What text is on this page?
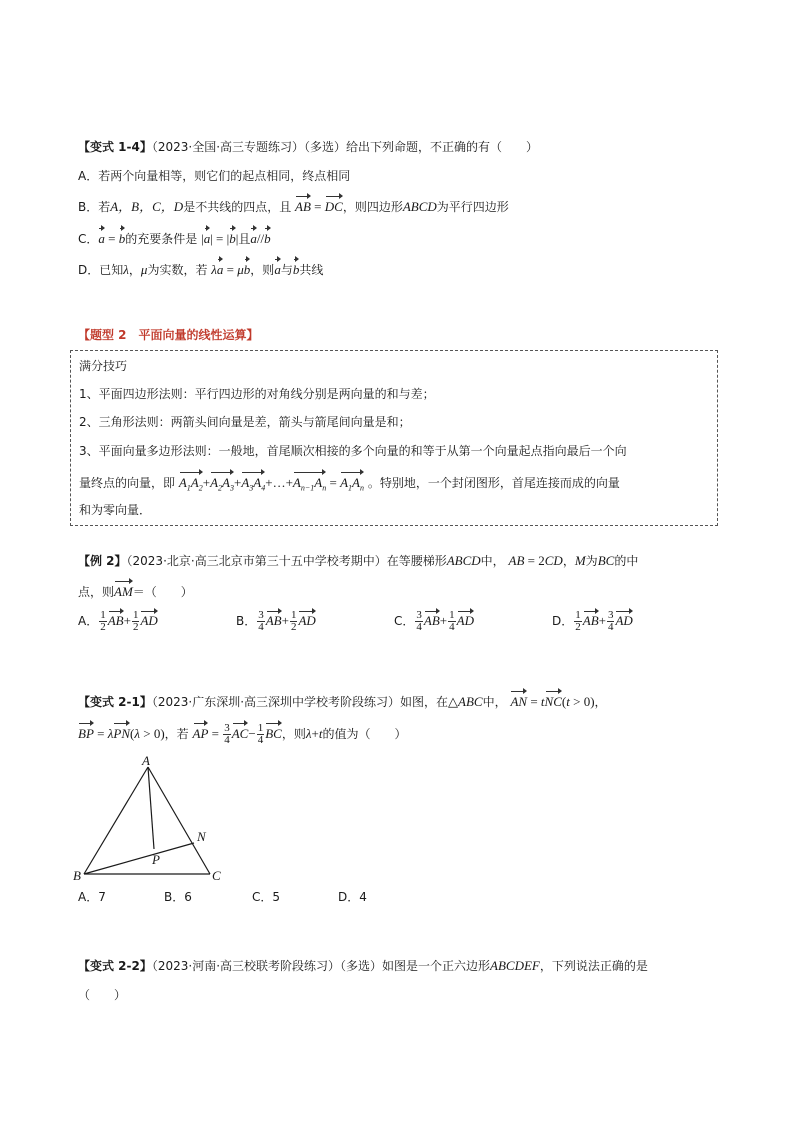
【变式 1-4】（2023·全国·高三专题练习）（多选）给出下列命题，不正确的有（　　）
A．若两个向量相等，则它们的起点相同，终点相同
B．若A，B，C，D是不共线的四点，且 AB = DC，则四边形ABCD为平行四边形
C．a = b的充要条件是 |a| = |b|且a//b
D．已知λ，μ为实数，若 λa = μb，则a与b共线
【题型 2　平面向量的线性运算】
满分技巧
1、平面四边形法则：平行四边形的对角线分别是两向量的和与差；
2、三角形法则：两箭头间向量是差，箭头与箭尾间向量是和；
3、平面向量多边形法则：一般地，首尾顺次相接的多个向量的和等于从第一个向量起点指向最后一个向
量终点的向量，即 $A_1A_2+A_2A_3+A_3A_4+\dots+A_{n-1}A_n = A_1A_n$ 。特别地，一个封闭图形，首尾连接而成的向量
和为零向量．
【例 2】（2023·北京·高三北京市第三十五中学校考期中）在等腰梯形ABCD中， AB = 2CD，M为BC的中
点，则AM＝（　　）
A． $\frac{1}{2} AB+ \frac{1}{2}$ AD	B． $\frac{3}{4} AB+ \frac{1}{2}$ AD	C． $\frac{3}{4} AB+ \frac{1}{4}$ AD	D． $\frac{1}{2} AB+ \frac{3}{4}$ AD
【变式 2-1】（2023·广东深圳·高三深圳中学校考阶段练习）如图，在△ABC中， AN = tNC(t > 0)，
BP = λPN(λ > 0)，若 AP = $\frac{3}{4} AC- \frac{1}{4}$ BC，则λ+t的值为（　　）
A
B	C
N
P
A．7	B．6	C．5	D．4
【变式 2-2】（2023·河南·高三校联考阶段练习）（多选）如图是一个正六边形ABCDEF，下列说法正确的是
（　　）
